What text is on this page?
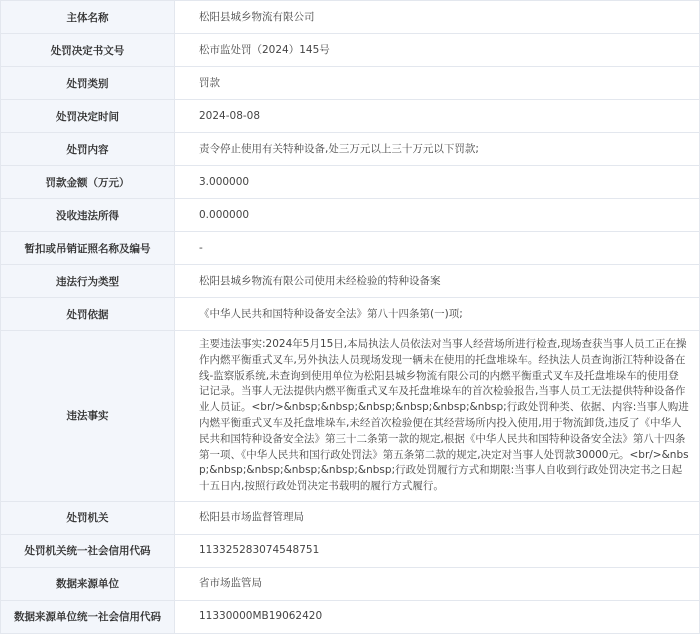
主体名称	松阳县城乡物流有限公司
处罚决定书文号	松市监处罚（2024）145号
处罚类别	罚款
处罚决定时间	2024-08-08
处罚内容	责令停止使用有关特种设备,处三万元以上三十万元以下罚款;
罚款金额（万元）	3.000000
没收违法所得	0.000000
暂扣或吊销证照名称及编号	-
违法行为类型	松阳县城乡物流有限公司使用未经检验的特种设备案
处罚依据	《中华人民共和国特种设备安全法》第八十四条第(一)项;
违法事实	主要违法事实:2024年5月15日,本局执法人员依法对当事人经营场所进行检查,现场查获当事人员工正在操作内燃平衡重式叉车,另外执法人员现场发现一辆未在使用的托盘堆垛车。经执法人员查询浙江特种设备在线-监察版系统,未查询到使用单位为松阳县城乡物流有限公司的内燃平衡重式叉车及托盘堆垛车的使用登记记录。当事人无法提供内燃平衡重式叉车及托盘堆垛车的首次检验报告,当事人员工无法提供特种设备作业人员证。<br/>&nbsp;&nbsp;&nbsp;&nbsp;&nbsp;&nbsp;行政处罚种类、依据、内容:当事人购进内燃平衡重式叉车及托盘堆垛车,未经首次检验便在其经营场所内投入使用,用于物流卸货,违反了《中华人民共和国特种设备安全法》第三十二条第一款的规定,根据《中华人民共和国特种设备安全法》第八十四条第一项、《中华人民共和国行政处罚法》第五条第二款的规定,决定对当事人处罚款30000元。<br/>&nbsp;&nbsp;&nbsp;&nbsp;&nbsp;&nbsp;行政处罚履行方式和期限:当事人自收到行政处罚决定书之日起十五日内,按照行政处罚决定书载明的履行方式履行。
处罚机关	松阳县市场监督管理局
处罚机关统一社会信用代码	113325283074548751
数据来源单位	省市场监管局
数据来源单位统一社会信用代码	11330000MB19062420
